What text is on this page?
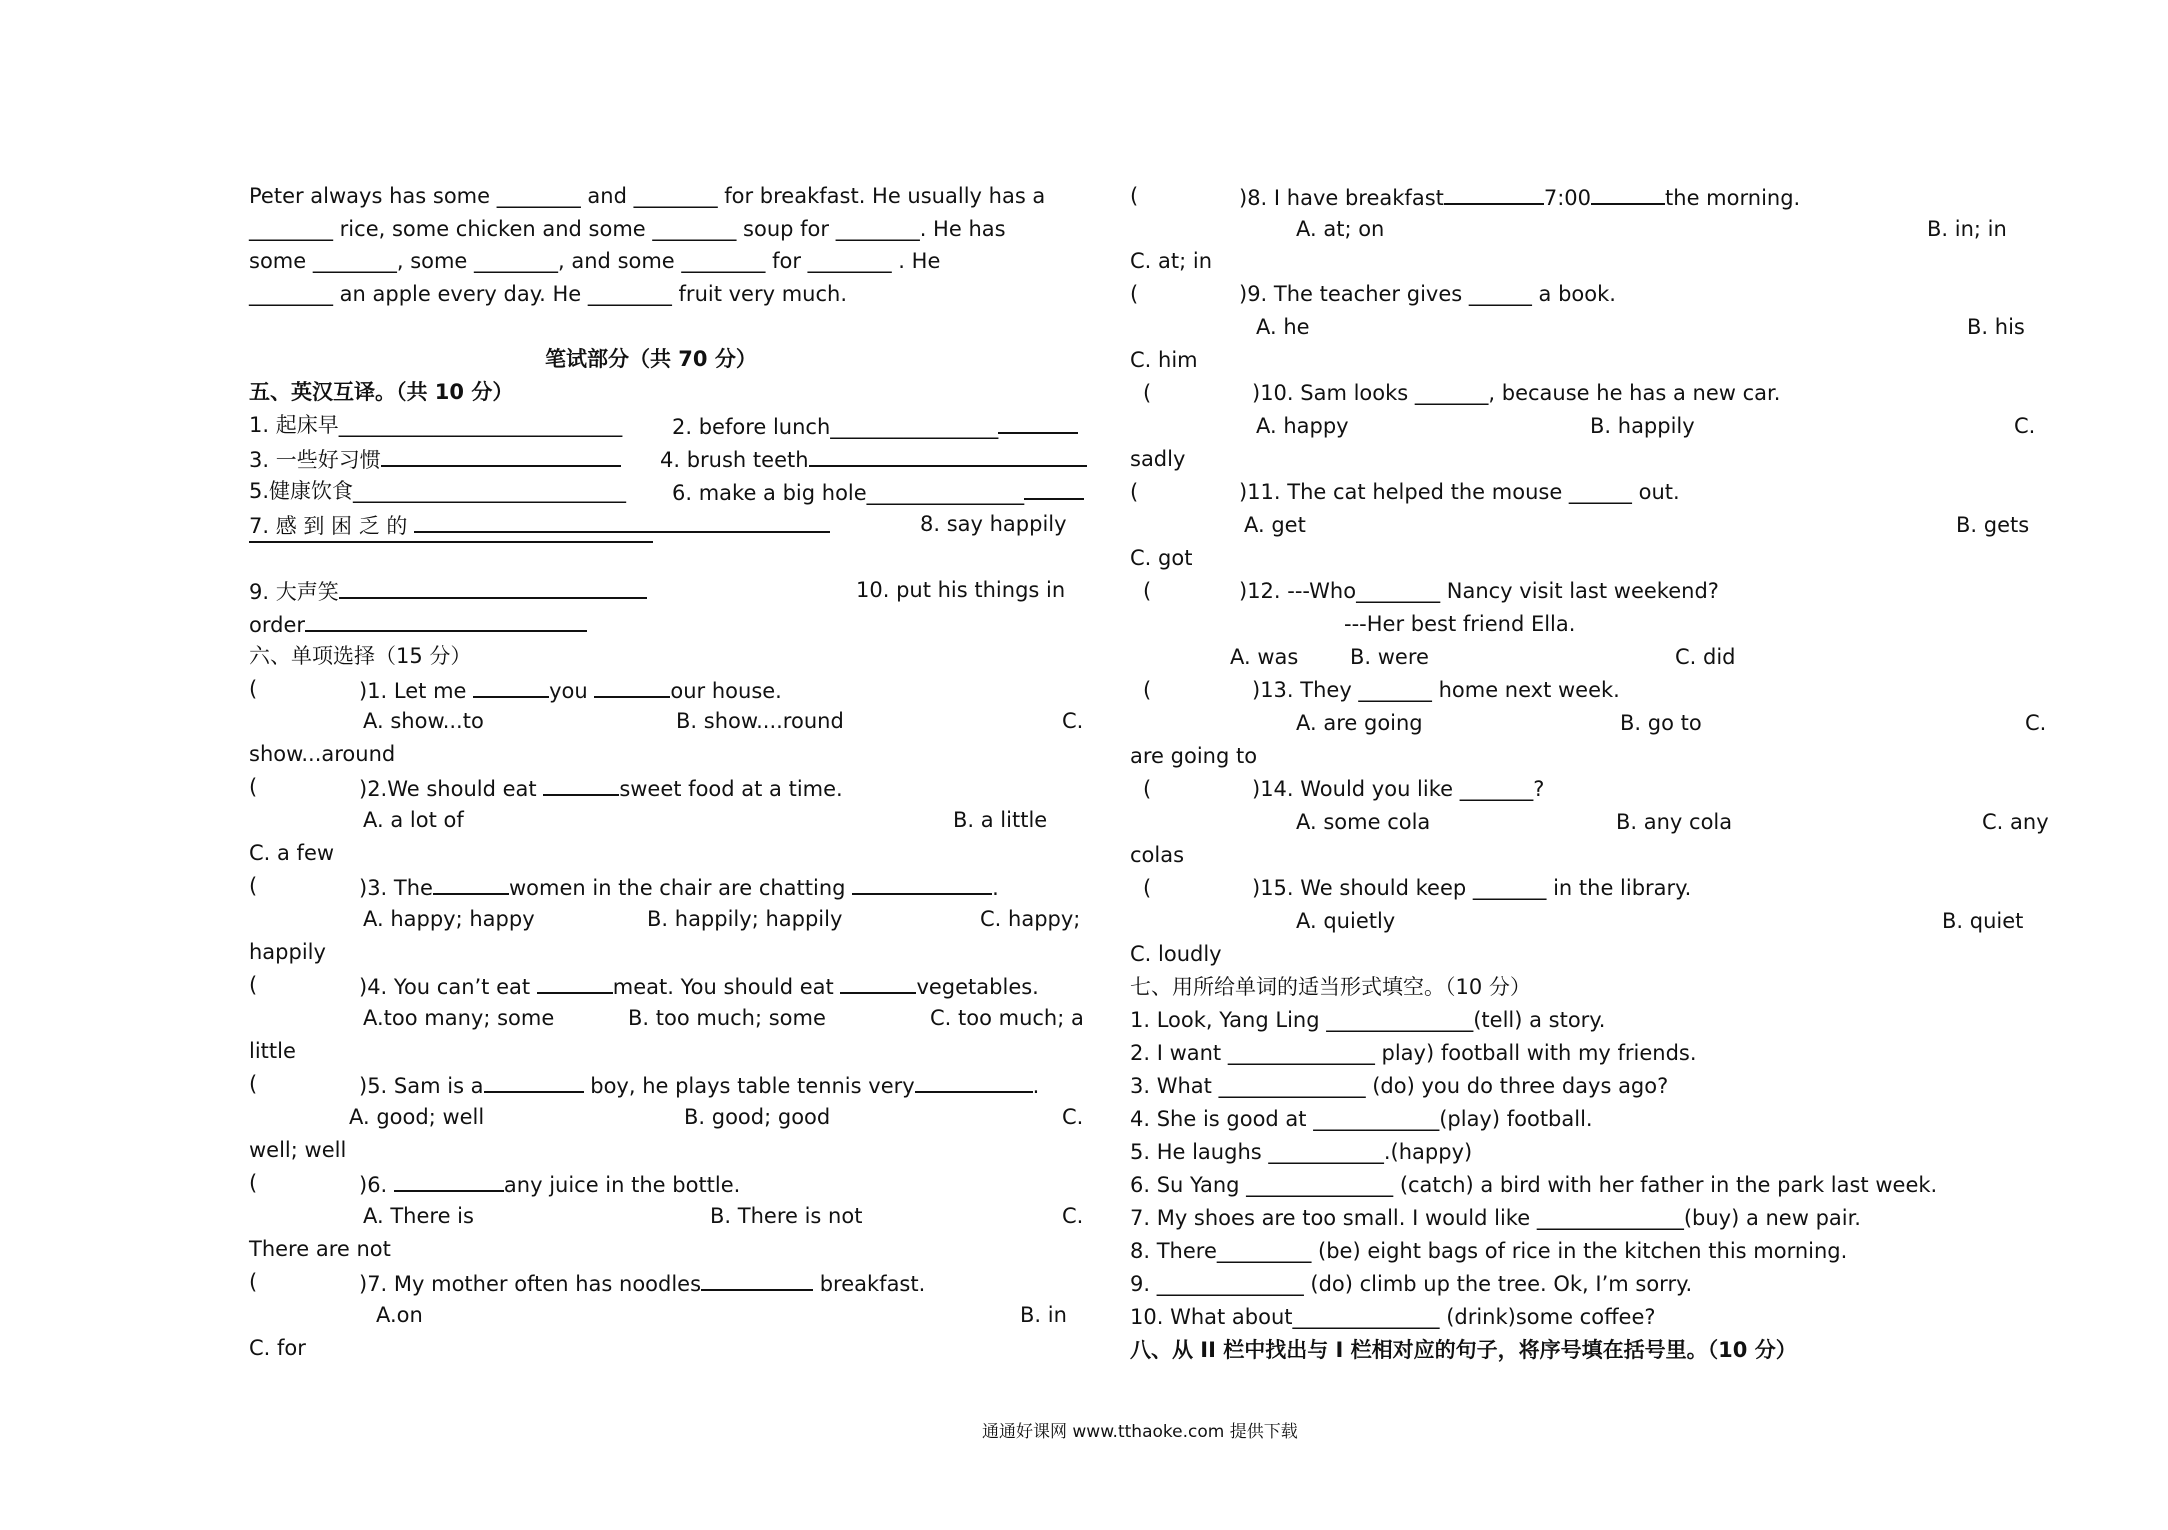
Peter always has some ________ and ________ for breakfast. He usually has a
________ rice, some chicken and some ________ soup for ________. He has
some ________, some ________, and some ________ for ________ . He
________ an apple every day. He ________ fruit very much.
笔试部分（共 70 分）
五、英汉互译。（共 10 分）
1. 起床早___________________________ 2. before lunch________________
3. 一些好习惯	4. brush teeth
5.健康饮食__________________________ 6. make a big hole_______________
7. 感 到 困 乏 的	8. say happily
9. 大声笑	10. put his things in
order
六、单项选择（15 分）
(	)1. Let me	you	our house.
A. show...to	B. show....round	C.
show...around
(	)2.We should eat	sweet food at a time.
A. a lot of	B. a little
C. a few
(	)3. The	women in the chair are chatting	.
A. happy; happy	B. happily; happily	C. happy;
happily
(	)4. You can’t eat	meat. You should eat	vegetables.
A.too many; some	B. too much; some	C. too much; a
little
(	)5. Sam is a	boy, he plays table tennis very	.
A. good; well	B. good; good	C.
well; well
(	)6.	any juice in the bottle.
A. There is	B. There is not	C.
There are not
(	)7. My mother often has noodles	breakfast.
A.on	B. in
C. for
(	)8. I have breakfast	7:00	the morning.
A. at; on	B. in; in
C. at; in
(	)9. The teacher gives ______ a book.
A. he	B. his
C. him
(	)10. Sam looks _______, because he has a new car.
A. happy	B. happily	C.
sadly
(	)11. The cat helped the mouse ______ out.
A. get	B. gets
C. got
(	)12. ---Who________ Nancy visit last weekend?
---Her best friend Ella.
A. was B. were	C. did
(	)13. They _______ home next week.
A. are going	B. go to	C.
are going to
(	)14. Would you like _______?
A. some cola	B. any cola	C. any
colas
(	)15. We should keep _______ in the library.
A. quietly	B. quiet
C. loudly
七、用所给单词的适当形式填空。（10 分）
1. Look, Yang Ling ______________(tell) a story.
2. I want ______________ play) football with my friends.
3. What ______________ (do) you do three days ago?
4. She is good at ____________(play) football.
5. He laughs ___________.(happy)
6. Su Yang ______________ (catch) a bird with her father in the park last week.
7. My shoes are too small. I would like ______________(buy) a new pair.
8. There_________ (be) eight bags of rice in the kitchen this morning.
9. ______________ (do) climb up the tree. Ok, I’m sorry.
10. What about______________ (drink)some coffee?
八、从 II 栏中找出与 I 栏相对应的句子，将序号填在括号里。（10 分）
通通好课网 www.tthaoke.com 提供下载
